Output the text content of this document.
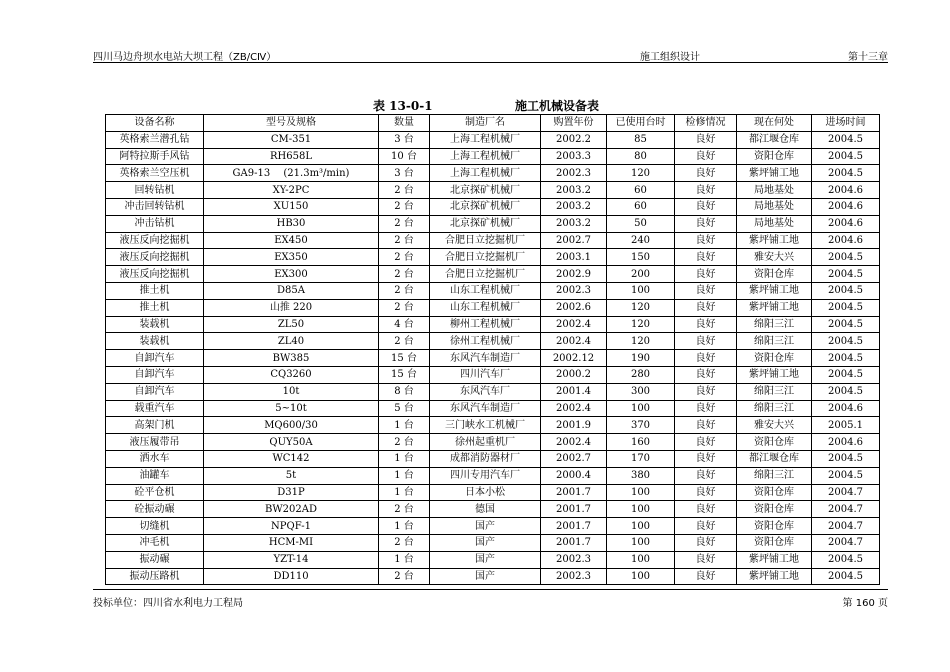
四川马边舟坝水电站大坝工程（ZB/CⅣ）	施工组织设计	第十三章
表 13-0-1	施工机械设备表
设备名称	型号及规格	数量	制造厂名	购置年份	已使用台时	检修情况	现在何处	进场时间
英格索兰潜孔钻	CM-351	3 台	上海工程机械厂	2002.2	85	良好	都江堰仓库	2004.5
阿特拉斯手风钻	RH658L	10 台	上海工程机械厂	2003.3	80	良好	资阳仓库	2004.5
英格索兰空压机	GA9-13　 (21.3m³/min)	3 台	上海工程机械厂	2002.3	120	良好	紫坪铺工地	2004.5
回转钻机	XY-2PC	2 台	北京探矿机械厂	2003.2	60	良好	局地基处	2004.6
冲击回转钻机	XU150	2 台	北京探矿机械厂	2003.2	60	良好	局地基处	2004.6
冲击钻机	HB30	2 台	北京探矿机械厂	2003.2	50	良好	局地基处	2004.6
液压反向挖掘机	EX450	2 台	合肥日立挖掘机厂	2002.7	240	良好	紫坪铺工地	2004.6
液压反向挖掘机	EX350	2 台	合肥日立挖掘机厂	2003.1	150	良好	雅安大兴	2004.5
液压反向挖掘机	EX300	2 台	合肥日立挖掘机厂	2002.9	200	良好	资阳仓库	2004.5
推土机	D85A	2 台	山东工程机械厂	2002.3	100	良好	紫坪铺工地	2004.5
推土机	山推 220	2 台	山东工程机械厂	2002.6	120	良好	紫坪铺工地	2004.5
装载机	ZL50	4 台	柳州工程机械厂	2002.4	120	良好	绵阳三江	2004.5
装载机	ZL40	2 台	徐州工程机械厂	2002.4	120	良好	绵阳三江	2004.5
自卸汽车	BW385	15 台	东风汽车制造厂	2002.12	190	良好	资阳仓库	2004.5
自卸汽车	CQ3260	15 台	四川汽车厂	2000.2	280	良好	紫坪铺工地	2004.5
自卸汽车	10t	8 台	东风汽车厂	2001.4	300	良好	绵阳三江	2004.5
载重汽车	5~10t	5 台	东风汽车制造厂	2002.4	100	良好	绵阳三江	2004.6
高架门机	MQ600/30	1 台	三门峡水工机械厂	2001.9	370	良好	雅安大兴	2005.1
液压履带吊	QUY50A	2 台	徐州起重机厂	2002.4	160	良好	资阳仓库	2004.6
洒水车	WC142	1 台	成都消防器材厂	2002.7	170	良好	都江堰仓库	2004.5
油罐车	5t	1 台	四川专用汽车厂	2000.4	380	良好	绵阳三江	2004.5
砼平仓机	D31P	1 台	日本小松	2001.7	100	良好	资阳仓库	2004.7
砼振动碾	BW202AD	2 台	德国	2001.7	100	良好	资阳仓库	2004.7
切缝机	NPQF-1	1 台	国产	2001.7	100	良好	资阳仓库	2004.7
冲毛机	HCM-MI	2 台	国产	2001.7	100	良好	资阳仓库	2004.7
振动碾	YZT-14	1 台	国产	2002.3	100	良好	紫坪铺工地	2004.5
振动压路机	DD110	2 台	国产	2002.3	100	良好	紫坪铺工地	2004.5
投标单位：四川省水利电力工程局	第 160 页
